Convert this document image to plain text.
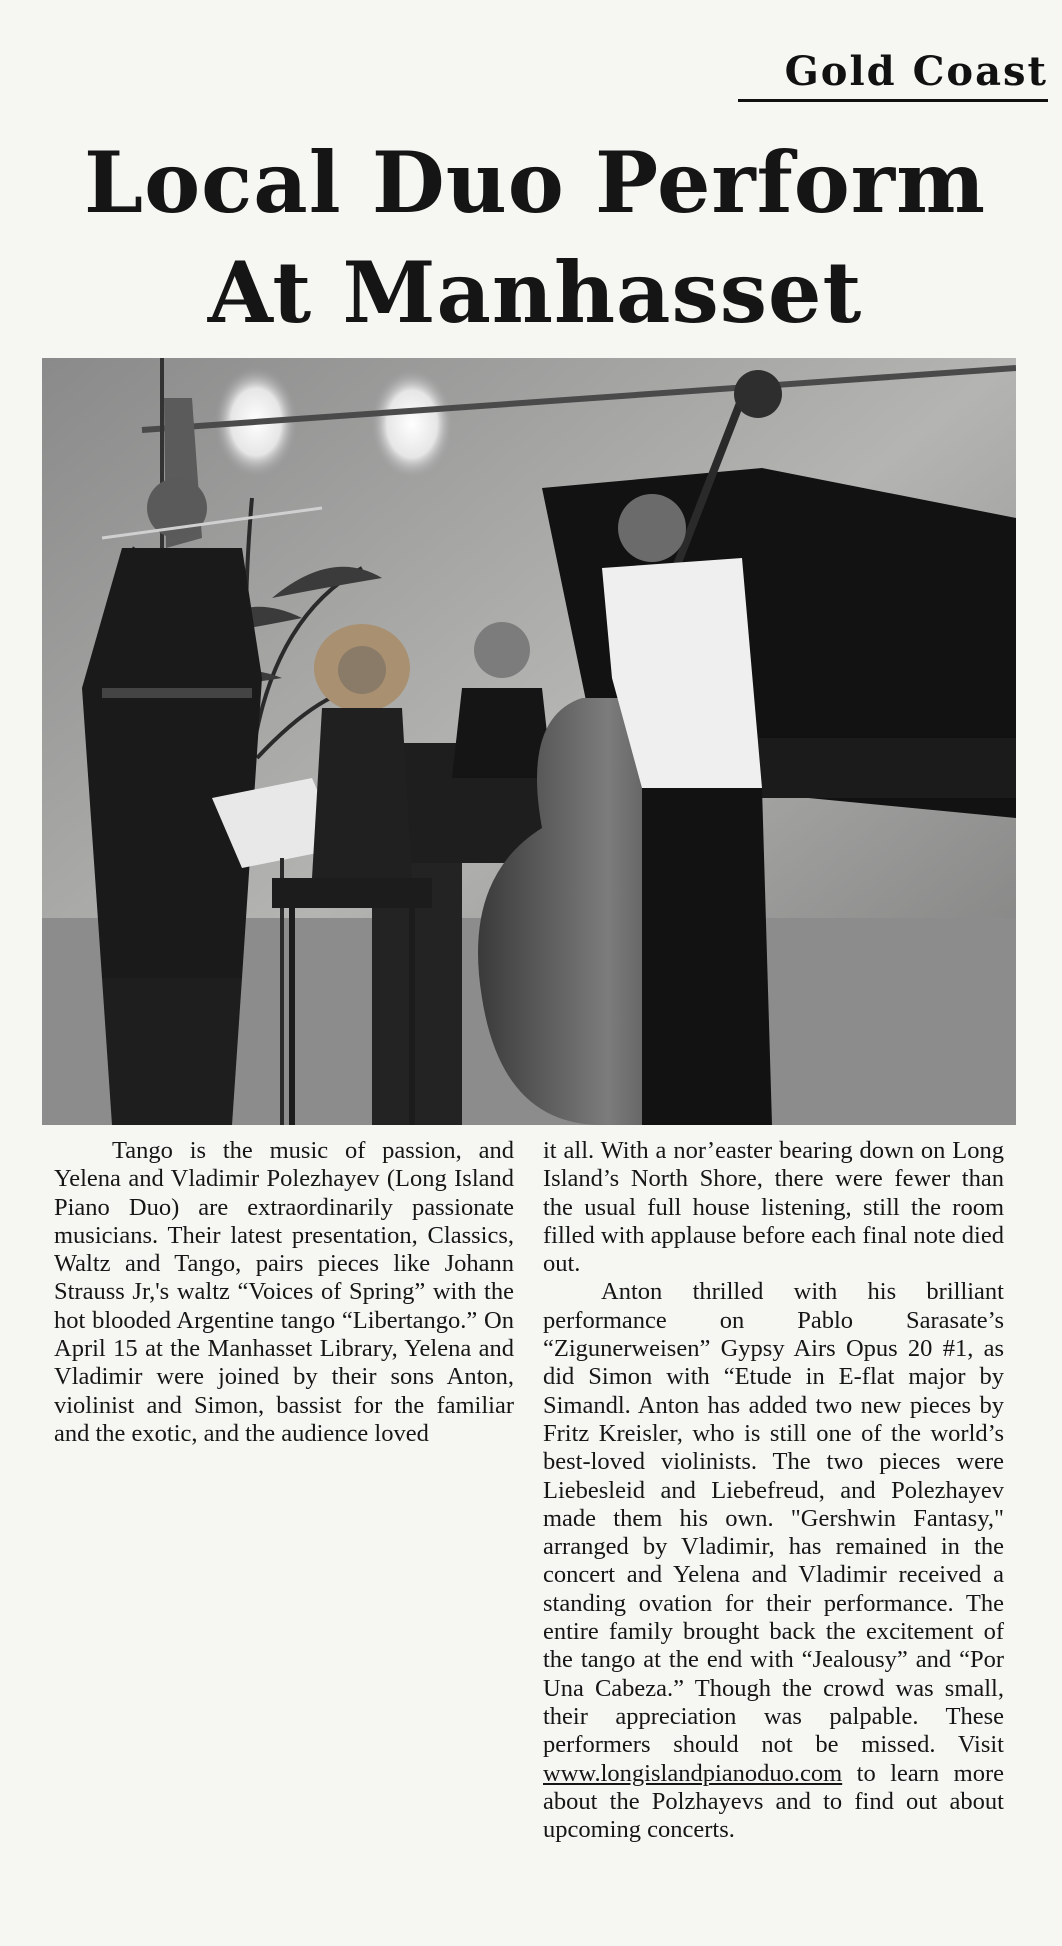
Gold Coast
Local Duo Perform
At Manhasset

Tango is the music of passion, and Yelena and Vladimir Polezhayev (Long Island Piano Duo) are extraordinarily passionate musicians. Their latest presentation, Classics, Waltz and Tango, pairs pieces like Johann Strauss Jr,'s waltz “Voices of Spring” with the hot blooded Argentine tango “Libertango.” On April 15 at the Manhasset Library, Yelena and Vladimir were joined by their sons Anton, violinist and Simon, bassist for the familiar and the exotic, and the audience loved

it all. With a nor’easter bearing down on Long Island’s North Shore, there were fewer than the usual full house listening, still the room filled with applause before each final note died out.

Anton thrilled with his brilliant performance on Pablo Sarasate’s “Zigunerweisen” Gypsy Airs Opus 20 #1, as did Simon with “Etude in E-flat major by Simandl. Anton has added two new pieces by Fritz Kreisler, who is still one of the world’s best-loved violinists. The two pieces were Liebesleid and Liebefreud, and Polezhayev made them his own. "Gershwin Fantasy," arranged by Vladimir, has remained in the concert and Yelena and Vladimir received a standing ovation for their performance. The entire family brought back the excitement of the tango at the end with “Jealousy” and “Por Una Cabeza.” Though the crowd was small, their appreciation was palpable. These performers should not be missed. Visit www.longislandpianoduo.com to learn more about the Polzhayevs and to find out about upcoming concerts.
